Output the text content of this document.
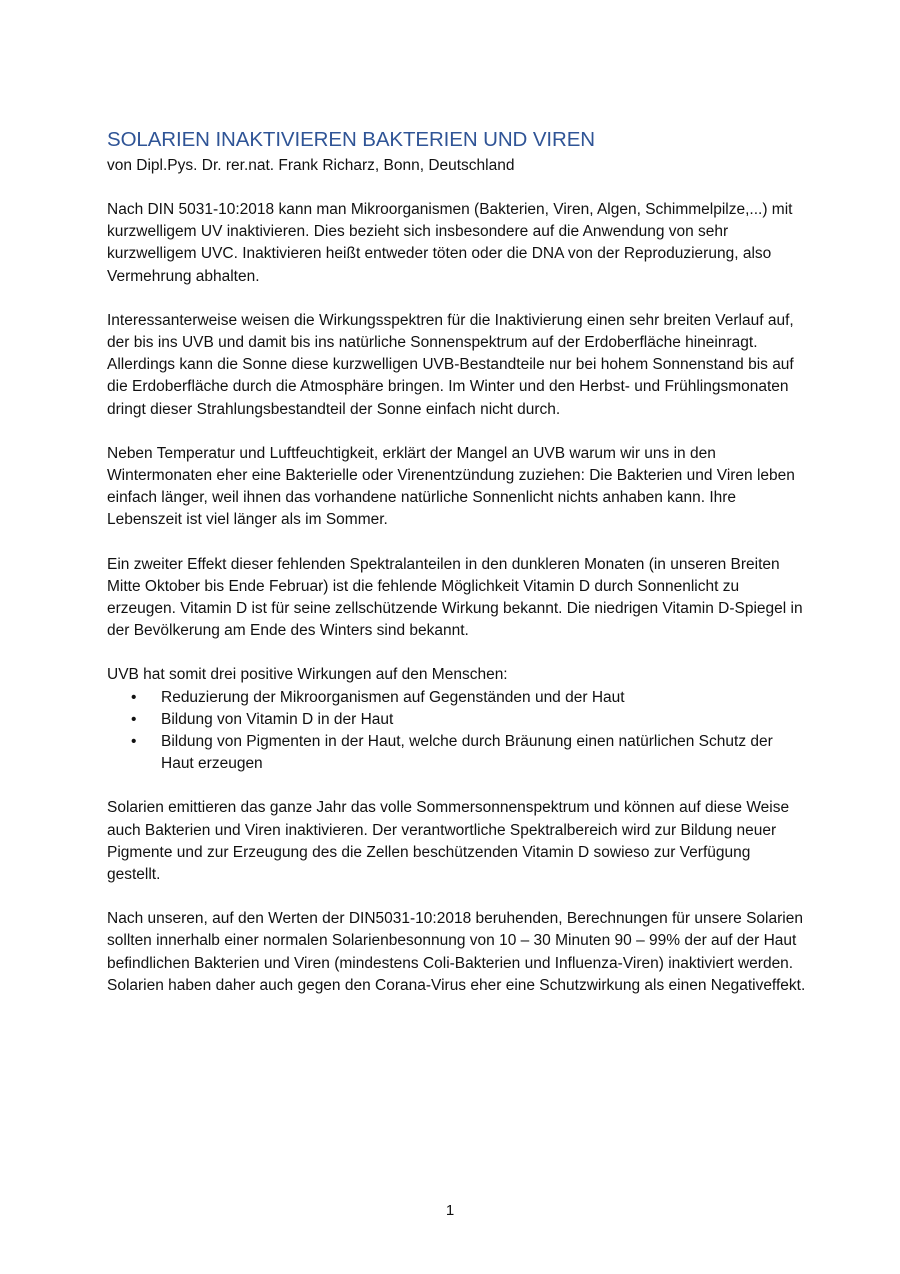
SOLARIEN INAKTIVIEREN BAKTERIEN UND VIREN

von Dipl.Pys. Dr. rer.nat. Frank Richarz, Bonn, Deutschland

Nach DIN 5031-10:2018 kann man Mikroorganismen (Bakterien, Viren, Algen, Schimmelpilze,...) mit kurzwelligem UV inaktivieren. Dies bezieht sich insbesondere auf die Anwendung von sehr kurzwelligem UVC. Inaktivieren heißt entweder töten oder die DNA von der Reproduzierung, also Vermehrung abhalten.

Interessanterweise weisen die Wirkungsspektren für die Inaktivierung einen sehr breiten Verlauf auf, der bis ins UVB und damit bis ins natürliche Sonnenspektrum auf der Erdoberfläche hineinragt.

Allerdings kann die Sonne diese kurzwelligen UVB-Bestandteile nur bei hohem Sonnenstand bis auf die Erdoberfläche durch die Atmosphäre bringen. Im Winter und den Herbst- und Frühlingsmonaten dringt dieser Strahlungsbestandteil der Sonne einfach nicht durch.

Neben Temperatur und Luftfeuchtigkeit, erklärt der Mangel an UVB warum wir uns in den Wintermonaten eher eine Bakterielle oder Virenentzündung zuziehen: Die Bakterien und Viren leben einfach länger, weil ihnen das vorhandene natürliche Sonnenlicht nichts anhaben kann. Ihre Lebenszeit ist viel länger als im Sommer.

Ein zweiter Effekt dieser fehlenden Spektralanteilen in den dunkleren Monaten (in unseren Breiten Mitte Oktober bis Ende Februar) ist die fehlende Möglichkeit Vitamin D durch Sonnenlicht zu erzeugen. Vitamin D ist für seine zellschützende Wirkung bekannt. Die niedrigen Vitamin D-Spiegel in der Bevölkerung am Ende des Winters sind bekannt.

UVB hat somit drei positive Wirkungen auf den Menschen:

• Reduzierung der Mikroorganismen auf Gegenständen und der Haut
• Bildung von Vitamin D in der Haut
• Bildung von Pigmenten in der Haut, welche durch Bräunung einen natürlichen Schutz der Haut erzeugen

Solarien emittieren das ganze Jahr das volle Sommersonnenspektrum und können auf diese Weise auch Bakterien und Viren inaktivieren. Der verantwortliche Spektralbereich wird zur Bildung neuer Pigmente und zur Erzeugung des die Zellen beschützenden Vitamin D sowieso zur Verfügung gestellt.

Nach unseren, auf den Werten der DIN5031-10:2018 beruhenden, Berechnungen für unsere Solarien sollten innerhalb einer normalen Solarienbesonnung von 10 – 30 Minuten 90 – 99% der auf der Haut befindlichen Bakterien und Viren (mindestens Coli-Bakterien und Influenza-Viren) inaktiviert werden. Solarien haben daher auch gegen den Corana-Virus eher eine Schutzwirkung als einen Negativeffekt.

1
